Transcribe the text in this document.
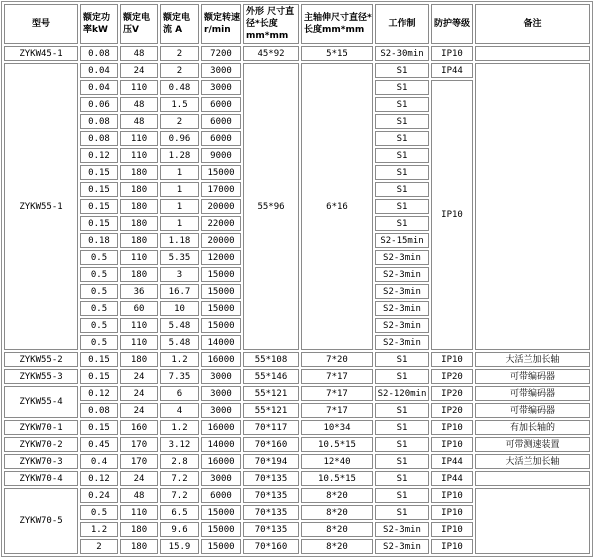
型号	额定功率kW	额定电压V	额定电流 A	额定转速r/min	外形 尺寸直径*长度mm*mm	主轴伸尺寸直径*长度mm*mm	工作制	防护等级	备注
ZYKW45-1	0.08	48	2	7200	45*92	5*15	S2-30min	IP10	
ZYKW55-1	0.04	24	2	3000	55*96	6*16	S1	IP44	
	0.04	110	0.48	3000			S1	IP10	
	0.06	48	1.5	6000			S1		
	0.08	48	2	6000			S1		
	0.08	110	0.96	6000			S1		
	0.12	110	1.28	9000			S1		
	0.15	180	1	15000			S1		
	0.15	180	1	17000			S1		
	0.15	180	1	20000			S1		
	0.15	180	1	22000			S1		
	0.18	180	1.18	20000			S2-15min		
	0.5	110	5.35	12000			S2-3min		
	0.5	180	3	15000			S2-3min		
	0.5	36	16.7	15000			S2-3min		
	0.5	60	10	15000			S2-3min		
	0.5	110	5.48	15000			S2-3min		
	0.5	110	5.48	14000			S2-3min		
ZYKW55-2	0.15	180	1.2	16000	55*108	7*20	S1	IP10	大活兰加长轴
ZYKW55-3	0.15	24	7.35	3000	55*146	7*17	S1	IP20	可带编码器
ZYKW55-4	0.12	24	6	3000	55*121	7*17	S2-120min	IP20	可带编码器
	0.08	24	4	3000	55*121	7*17	S1	IP20	可带编码器
ZYKW70-1	0.15	160	1.2	16000	70*117	10*34	S1	IP10	有加长轴的
ZYKW70-2	0.45	170	3.12	14000	70*160	10.5*15	S1	IP10	可带测速装置
ZYKW70-3	0.4	170	2.8	16000	70*194	12*40	S1	IP44	大活兰加长轴
ZYKW70-4	0.12	24	7.2	3000	70*135	10.5*15	S1	IP44	
ZYKW70-5	0.24	48	7.2	6000	70*135	8*20	S1	IP10	
	0.5	110	6.5	15000	70*135	8*20	S1	IP10	
	1.2	180	9.6	15000	70*135	8*20	S2-3min	IP10	
	2	180	15.9	15000	70*160	8*20	S2-3min	IP10	
